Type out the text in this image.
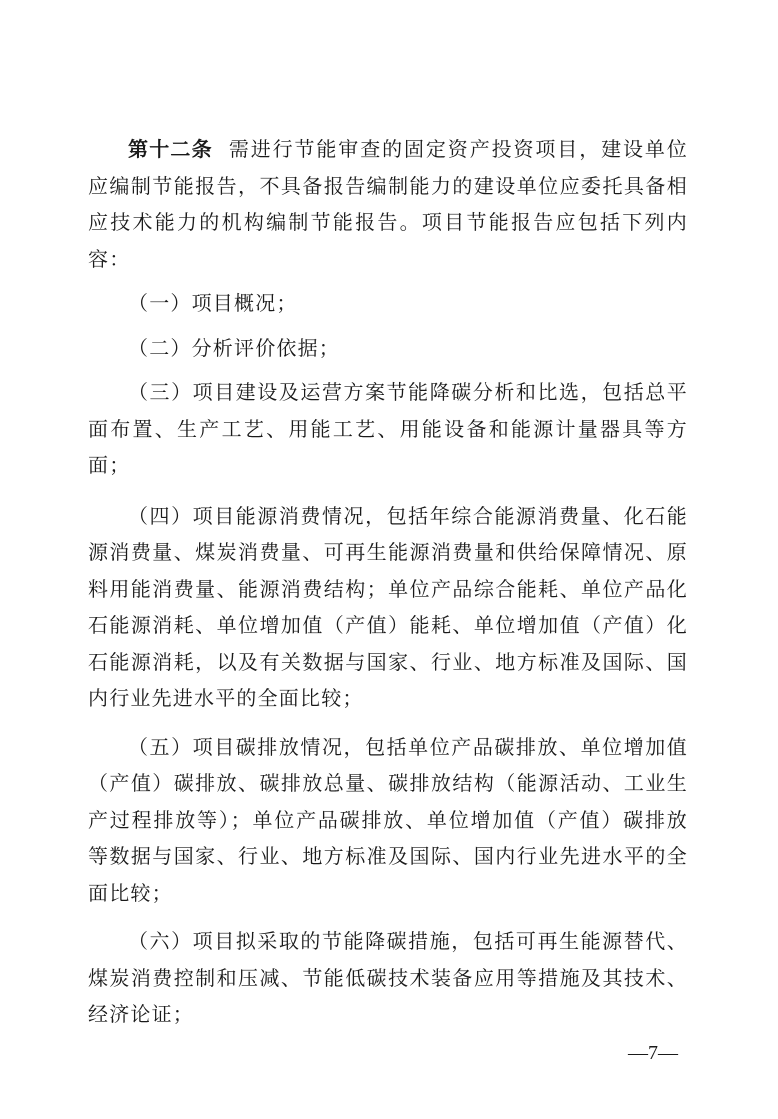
第十二条 需进行节能审查的固定资产投资项目，建设单位应编制节能报告，不具备报告编制能力的建设单位应委托具备相应技术能力的机构编制节能报告。项目节能报告应包括下列内容：

（一）项目概况；

（二）分析评价依据；

（三）项目建设及运营方案节能降碳分析和比选，包括总平面布置、生产工艺、用能工艺、用能设备和能源计量器具等方面；

（四）项目能源消费情况，包括年综合能源消费量、化石能源消费量、煤炭消费量、可再生能源消费量和供给保障情况、原料用能消费量、能源消费结构；单位产品综合能耗、单位产品化石能源消耗、单位增加值（产值）能耗、单位增加值（产值）化石能源消耗，以及有关数据与国家、行业、地方标准及国际、国内行业先进水平的全面比较；

（五）项目碳排放情况，包括单位产品碳排放、单位增加值（产值）碳排放、碳排放总量、碳排放结构（能源活动、工业生产过程排放等）；单位产品碳排放、单位增加值（产值）碳排放等数据与国家、行业、地方标准及国际、国内行业先进水平的全面比较；

（六）项目拟采取的节能降碳措施，包括可再生能源替代、煤炭消费控制和压减、节能低碳技术装备应用等措施及其技术、经济论证；

—7—
